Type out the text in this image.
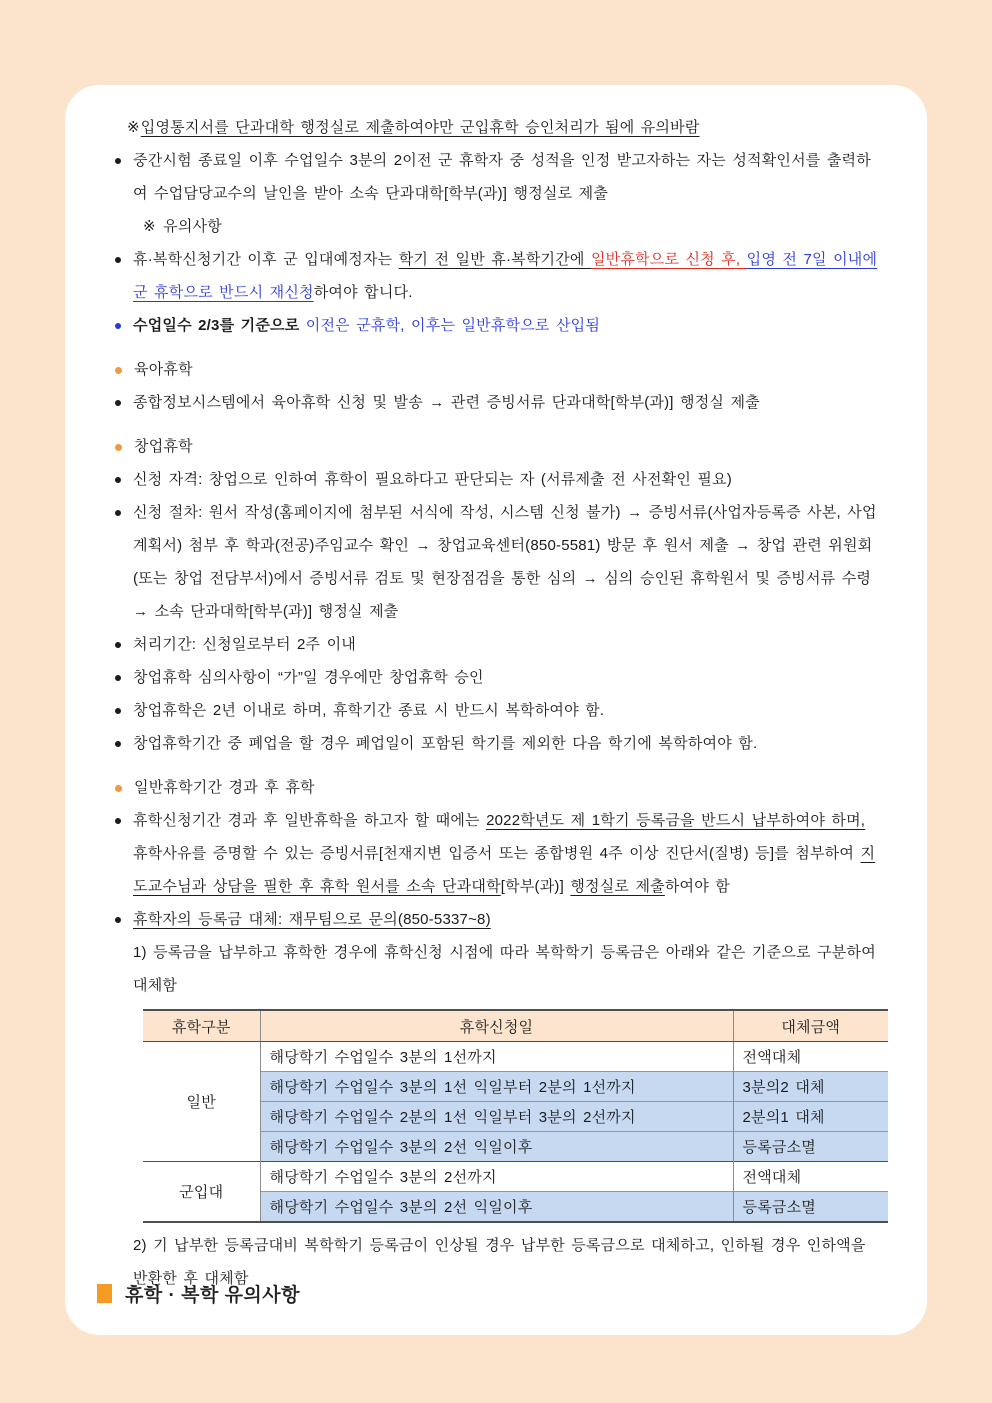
※입영통지서를 단과대학 행정실로 제출하여야만 군입휴학 승인처리가 됨에 유의바람
중간시험 종료일 이후 수업일수 3분의 2이전 군 휴학자 중 성적을 인정 받고자하는 자는 성적확인서를 출력하여 수업담당교수의 날인을 받아 소속 단과대학[학부(과)] 행정실로 제출
※ 유의사항
휴·복학신청기간 이후 군 입대예정자는 학기 전 일반 휴·복학기간에 일반휴학으로 신청 후, 입영 전 7일 이내에 군 휴학으로 반드시 재신청하여야 합니다.
수업일수 2/3를 기준으로 이전은 군휴학, 이후는 일반휴학으로 산입됨
육아휴학
종합정보시스템에서 육아휴학 신청 및 발송 → 관련 증빙서류 단과대학[학부(과)] 행정실 제출
창업휴학
신청 자격: 창업으로 인하여 휴학이 필요하다고 판단되는 자 (서류제출 전 사전확인 필요)
신청 절차: 원서 작성(홈페이지에 첨부된 서식에 작성, 시스템 신청 불가) → 증빙서류(사업자등록증 사본, 사업계획서) 첨부 후 학과(전공)주임교수 확인 → 창업교육센터(850-5581) 방문 후 원서 제출 → 창업 관련 위원회(또는 창업 전담부서)에서 증빙서류 검토 및 현장점검을 통한 심의 → 심의 승인된 휴학원서 및 증빙서류 수령 → 소속 단과대학[학부(과)] 행정실 제출
처리기간: 신청일로부터 2주 이내
창업휴학 심의사항이 “가”일 경우에만 창업휴학 승인
창업휴학은 2년 이내로 하며, 휴학기간 종료 시 반드시 복학하여야 함.
창업휴학기간 중 폐업을 할 경우 폐업일이 포함된 학기를 제외한 다음 학기에 복학하여야 함.
일반휴학기간 경과 후 휴학
휴학신청기간 경과 후 일반휴학을 하고자 할 때에는 2022학년도 제 1학기 등록금을 반드시 납부하여야 하며, 휴학사유를 증명할 수 있는 증빙서류[천재지변 입증서 또는 종합병원 4주 이상 진단서(질병) 등]를 첨부하여 지도교수님과 상담을 필한 후 휴학 원서를 소속 단과대학[학부(과)] 행정실로 제출하여야 함
휴학자의 등록금 대체: 재무팀으로 문의(850-5337~8)
1) 등록금을 납부하고 휴학한 경우에 휴학신청 시점에 따라 복학학기 등록금은 아래와 같은 기준으로 구분하여 대체함
휴학구분	휴학신청일	대체금액
일반	해당학기 수업일수 3분의 1선까지	전액대체
	해당학기 수업일수 3분의 1선 익일부터 2분의 1선까지	3분의2 대체
	해당학기 수업일수 2분의 1선 익일부터 3분의 2선까지	2분의1 대체
	해당학기 수업일수 3분의 2선 익일이후	등록금소멸
군입대	해당학기 수업일수 3분의 2선까지	전액대체
	해당학기 수업일수 3분의 2선 익일이후	등록금소멸
2) 기 납부한 등록금대비 복학학기 등록금이 인상될 경우 납부한 등록금으로 대체하고, 인하될 경우 인하액을 반환한 후 대체함
휴학 · 복학 유의사항
